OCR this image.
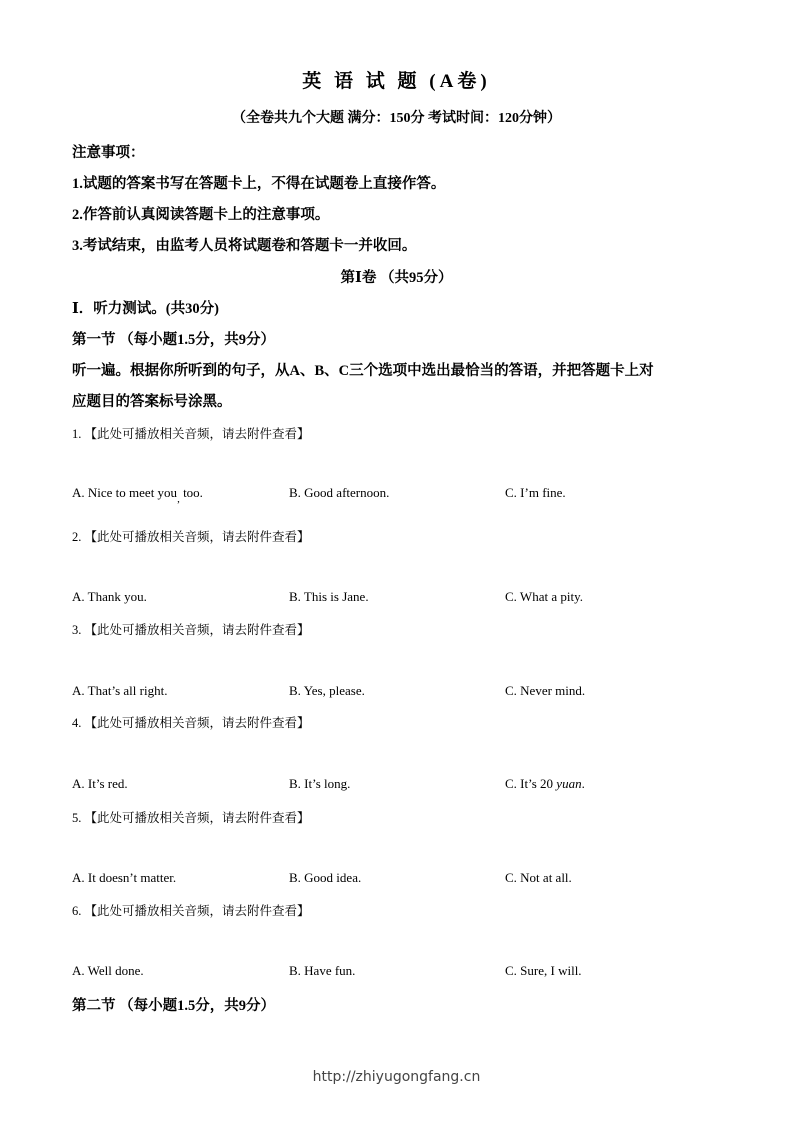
英 语 试 题 (A卷)
（全卷共九个大题 满分：150分 考试时间：120分钟）
注意事项：
1.试题的答案书写在答题卡上，不得在试题卷上直接作答。
2.作答前认真阅读答题卡上的注意事项。
3.考试结束，由监考人员将试题卷和答题卡一并收回。
第Ⅰ卷 （共95分）
Ⅰ．听力测试。(共30分)
第一节 （每小题1.5分，共9分）
听一遍。根据你所听到的句子，从A、B、C三个选项中选出最恰当的答语，并把答题卡上对
应题目的答案标号涂黑。
1. 【此处可播放相关音频，请去附件查看】
A. Nice to meet you$_,$ too.	B. Good afternoon.	C. I’m fine.
2. 【此处可播放相关音频，请去附件查看】
A. Thank you.	B. This is Jane.	C. What a pity.
3. 【此处可播放相关音频，请去附件查看】
A. That’s all right.	B. Yes, please.	C. Never mind.
4. 【此处可播放相关音频，请去附件查看】
A. It’s red.	B. It’s long.	C. It’s 20 yuan.
5. 【此处可播放相关音频，请去附件查看】
A. It doesn’t matter.	B. Good idea.	C. Not at all.
6. 【此处可播放相关音频，请去附件查看】
A. Well done.	B. Have fun.	C. Sure, I will.
第二节 （每小题1.5分，共9分）
http://zhiyugongfang.cn
